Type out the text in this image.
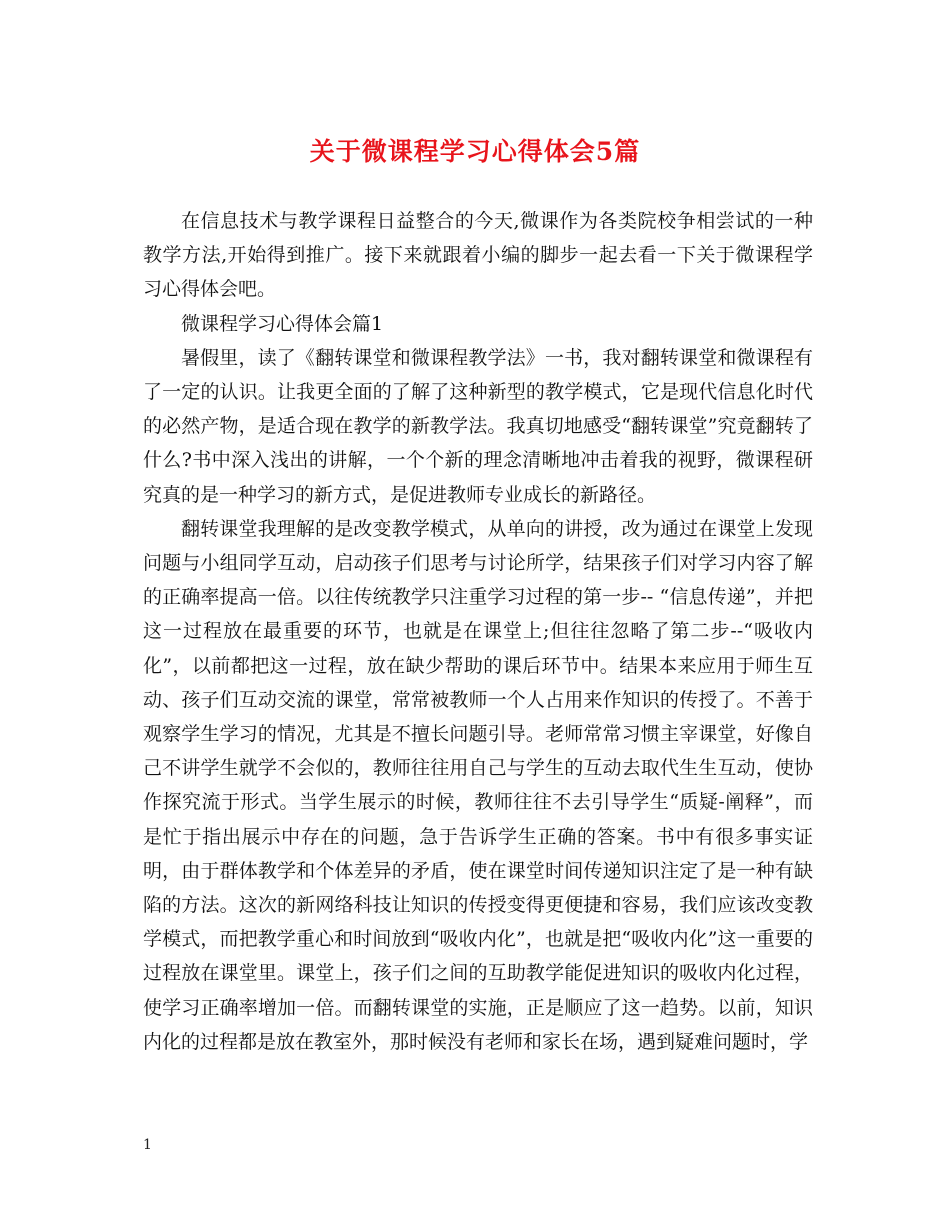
关于微课程学习心得体会5篇

在信息技术与教学课程日益整合的今天,微课作为各类院校争相尝试的一种教学方法,开始得到推广。接下来就跟着小编的脚步一起去看一下关于微课程学习心得体会吧。

微课程学习心得体会篇1

暑假里，读了《翻转课堂和微课程教学法》一书，我对翻转课堂和微课程有了一定的认识。让我更全面的了解了这种新型的教学模式，它是现代信息化时代的必然产物，是适合现在教学的新教学法。我真切地感受“翻转课堂”究竟翻转了什么?书中深入浅出的讲解，一个个新的理念清晰地冲击着我的视野，微课程研究真的是一种学习的新方式，是促进教师专业成长的新路径。

翻转课堂我理解的是改变教学模式，从单向的讲授，改为通过在课堂上发现问题与小组同学互动，启动孩子们思考与讨论所学，结果孩子们对学习内容了解的正确率提高一倍。以往传统教学只注重学习过程的第一步-- “信息传递”，并把这一过程放在最重要的环节，也就是在课堂上;但往往忽略了第二步--“吸收内化”，以前都把这一过程，放在缺少帮助的课后环节中。结果本来应用于师生互动、孩子们互动交流的课堂，常常被教师一个人占用来作知识的传授了。不善于观察学生学习的情况，尤其是不擅长问题引导。老师常常习惯主宰课堂，好像自己不讲学生就学不会似的，教师往往用自己与学生的互动去取代生生互动，使协作探究流于形式。当学生展示的时候，教师往往不去引导学生“质疑-阐释”，而是忙于指出展示中存在的问题，急于告诉学生正确的答案。书中有很多事实证明，由于群体教学和个体差异的矛盾，使在课堂时间传递知识注定了是一种有缺陷的方法。这次的新网络科技让知识的传授变得更便捷和容易，我们应该改变教学模式，而把教学重心和时间放到“吸收内化”，也就是把“吸收内化”这一重要的过程放在课堂里。课堂上，孩子们之间的互助教学能促进知识的吸收内化过程，使学习正确率增加一倍。而翻转课堂的实施，正是顺应了这一趋势。以前，知识内化的过程都是放在教室外，那时候没有老师和家长在场，遇到疑难问题时，学

1
